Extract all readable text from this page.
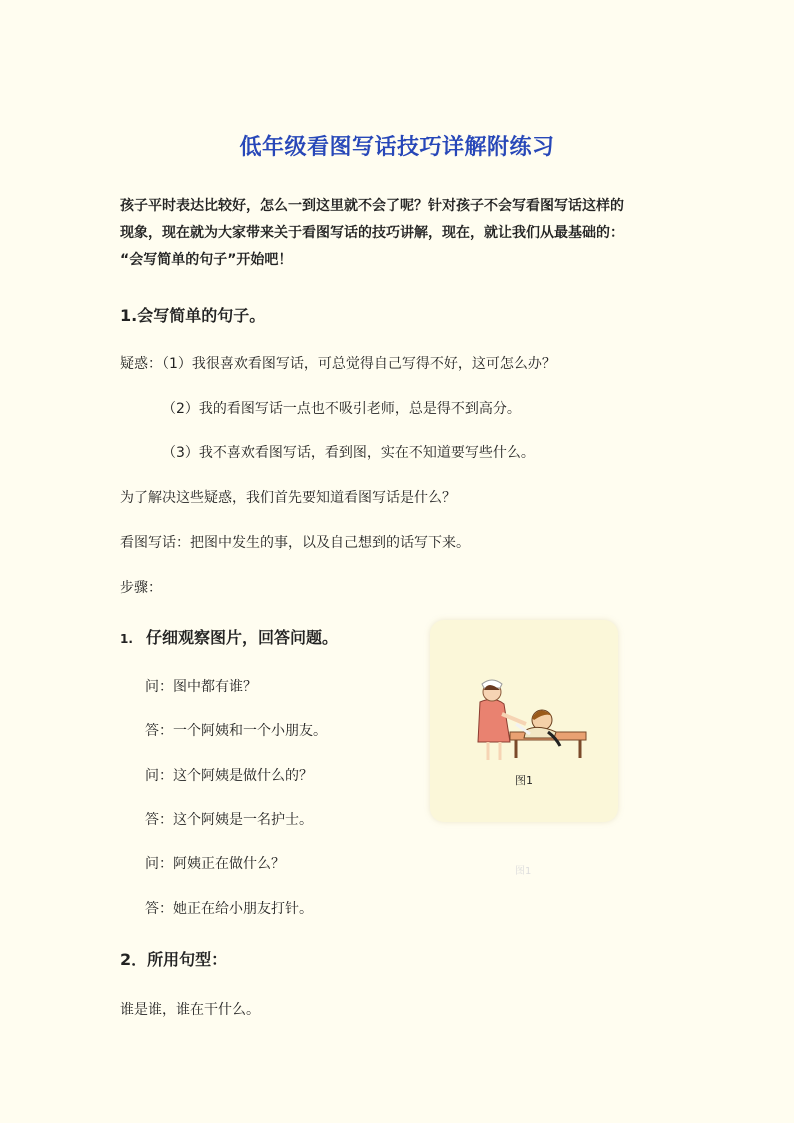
低年级看图写话技巧详解附练习

孩子平时表达比较好，怎么一到这里就不会了呢？针对孩子不会写看图写话这样的

现象，现在就为大家带来关于看图写话的技巧讲解，现在，就让我们从最基础的：

“会写简单的句子”开始吧！

1.会写简单的句子。
疑惑：（1）我很喜欢看图写话，可总觉得自己写得不好，这可怎么办？
（2）我的看图写话一点也不吸引老师，总是得不到高分。
（3）我不喜欢看图写话，看到图，实在不知道要写些什么。
为了解决这些疑惑，我们首先要知道看图写话是什么？
看图写话：把图中发生的事，以及自己想到的话写下来。
步骤：
1. 仔细观察图片，回答问题。
问：图中都有谁？
答：一个阿姨和一个小朋友。
问：这个阿姨是做什么的？
答：这个阿姨是一名护士。
问：阿姨正在做什么？
答：她正在给小朋友打针。
图1
图1
2．所用句型：
谁是谁，谁在干什么。
